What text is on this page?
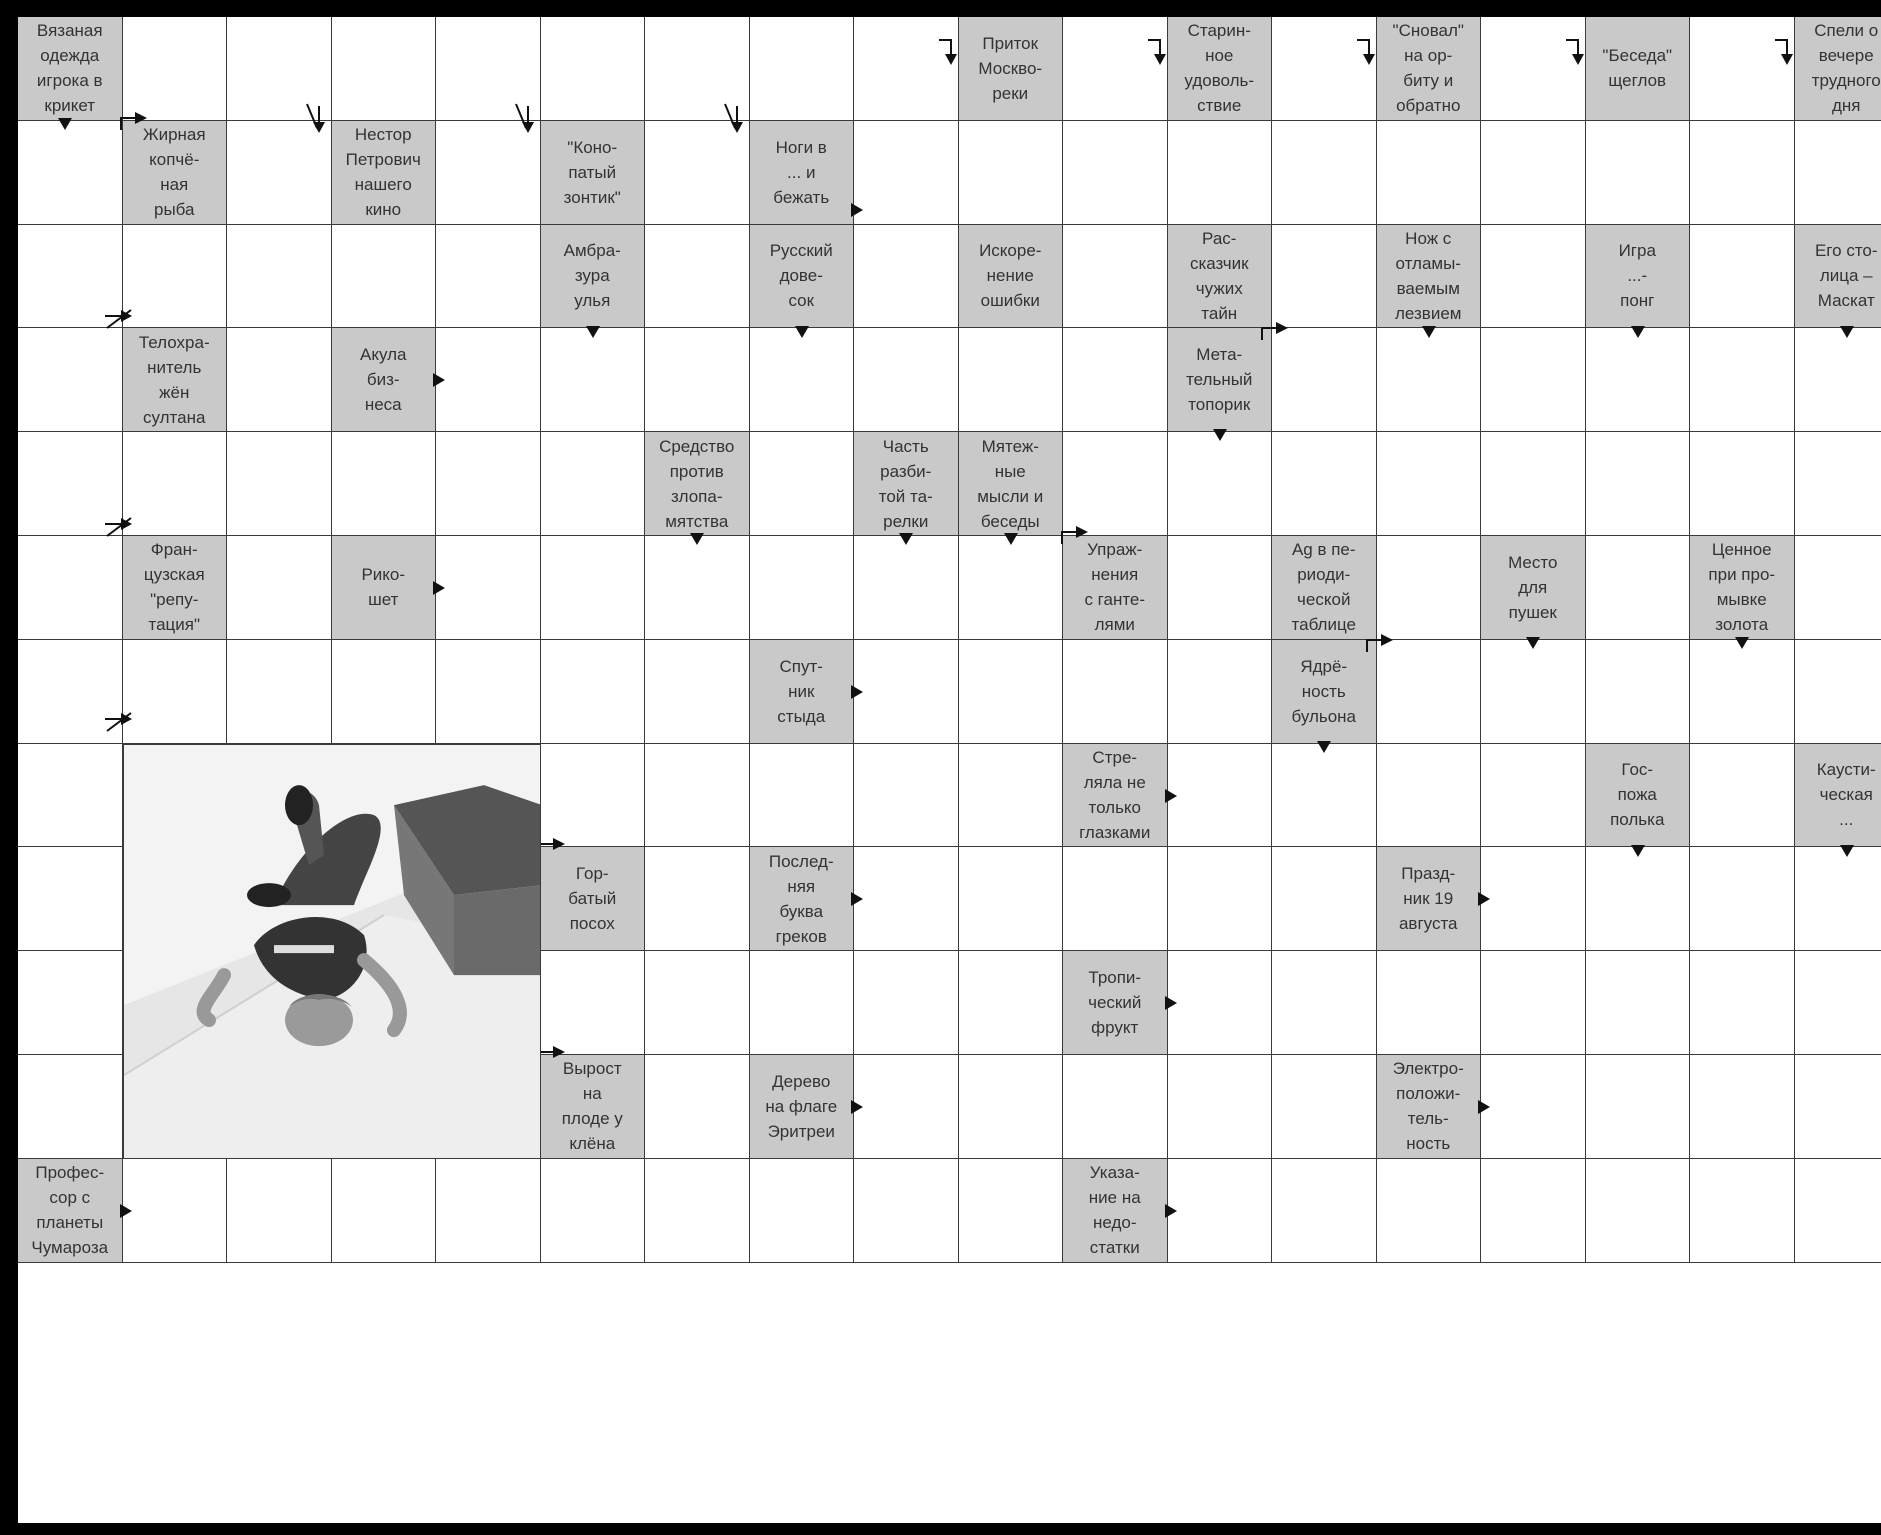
Вязаная
одежда
игрока в
крикет
Приток
Москво-
реки
Старин-
ное
удоволь-
ствие
"Сновал"
на ор-
биту и
обратно
"Беседа"
щеглов
Спели о
вечере
трудного
дня
Жирная
копчё-
ная
рыба
Нестор
Петрович
нашего
кино
"Коно-
патый
зонтик"
Ноги в
... и
бежать
Амбра-
зура
улья
Русский
дове-
сок
Искоре-
нение
ошибки
Рас-
сказчик
чужих
тайн
Нож с
отламы-
ваемым
лезвием
Игра
...-
понг
Его сто-
лица –
Маскат
Телохра-
нитель
жён
султана
Акула
биз-
неса
Мета-
тельный
топорик
Средство
против
злопа-
мятства
Часть
разби-
той та-
релки
Мятеж-
ные
мысли и
беседы
Фран-
цузская
"репу-
тация"
Рико-
шет
Упраж-
нения
с ганте-
лями
Ag в пе-
риоди-
ческой
таблице
Место
для
пушек
Ценное
при про-
мывке
золота
Спут-
ник
стыда
Ядрё-
ность
бульона
Стре-
ляла не
только
глазками
Гос-
пожа
полька
Каусти-
ческая
...
Гор-
батый
посох
Послед-
няя
буква
греков
Празд-
ник 19
августа
Тропи-
ческий
фрукт
Выpост
на
плоде у
клёна
Дерево
на флаге
Эритреи
Электро-
положи-
тель-
ность
Профес-
сор с
планеты
Чумароза
Указа-
ние на
недо-
статки
